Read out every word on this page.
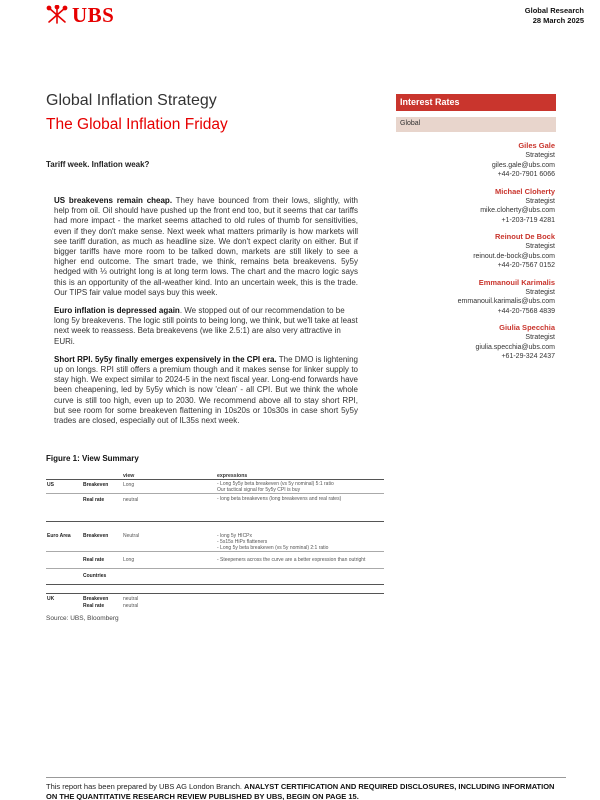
UBS	Global Research
28 March 2025
Global Inflation Strategy
The Global Inflation Friday
Interest Rates
Global
Giles Gale
Strategist
giles.gale@ubs.com
+44-20-7901 6066
Michael Cloherty
Strategist
mike.cloherty@ubs.com
+1-203-719 4281
Reinout De Bock
Strategist
reinout.de-bock@ubs.com
+44-20-7567 0152
Emmanouil Karimalis
Strategist
emmanouil.karimalis@ubs.com
+44-20-7568 4839
Giulia Specchia
Strategist
giulia.specchia@ubs.com
+61-29-324 2437
Tariff week. Inflation weak?

US breakevens remain cheap. They have bounced from their lows, slightly, with help from oil. Oil should have pushed up the front end too, but it seems that car tariffs had more impact - the market seems attached to old rules of thumb for sensitivities, even if they don't make sense. Next week what matters primarily is how markets will see tariff duration, as much as headline size. We don't expect clarity on either. But if bigger tariffs have more room to be talked down, markets are still likely to see a higher end outcome. The smart trade, we think, remains beta breakevens. 5y5y hedged with ⅓ outright long is at long term lows. The chart and the macro logic says this is an opportunity of the all-weather kind. Into an uncertain week, this is the trade. Our TIPS fair value model says buy this week.

Euro inflation is depressed again. We stopped out of our recommendation to be long 5y breakevens. The logic still points to being long, we think, but we'll take at least next week to reassess. Beta breakevens (we like 2.5:1) are also very attractive in EURi.

Short RPI. 5y5y finally emerges expensively in the CPI era. The DMO is lightening up on longs. RPI still offers a premium though and it makes sense for linker supply to stay high. We expect similar to 2024-5 in the next fiscal year. Long-end forwards have been cheapening, led by 5y5y which is now 'clean' - all CPI. But we think the whole curve is still too high, even up to 2030. We recommend above all to stay short RPI, but see room for some breakeven flattening in 10s20s or 10s30s in case short 5y5y trades are closed, especially out of IL35s next week.

Figure 1: View Summary
view	expressions
US	Breakeven	Long	- Long 5y5y beta breakeven (vs 5y nominal) 5:1 ratio
Our tactical signal for 5y5y CPI is buy
Real rate	neutral	- long beta breakevens (long breakevens and real rates)
Euro Area Breakeven	Neutral	- long 5y HICPx
- 5s15s HiPx flatteners
- Long 5y beta breakeven (vs 5y nominal) 2:1 ratio
Real rate	Long	- Steepeners across the curve are a better expression than outright
Countries
UK	Breakeven	neutral
Real rate	neutral
Source: UBS, Bloomberg
This report has been prepared by UBS AG London Branch. ANALYST CERTIFICATION AND REQUIRED DISCLOSURES, INCLUDING INFORMATION ON THE QUANTITATIVE RESEARCH REVIEW PUBLISHED BY UBS, BEGIN ON PAGE 15.
